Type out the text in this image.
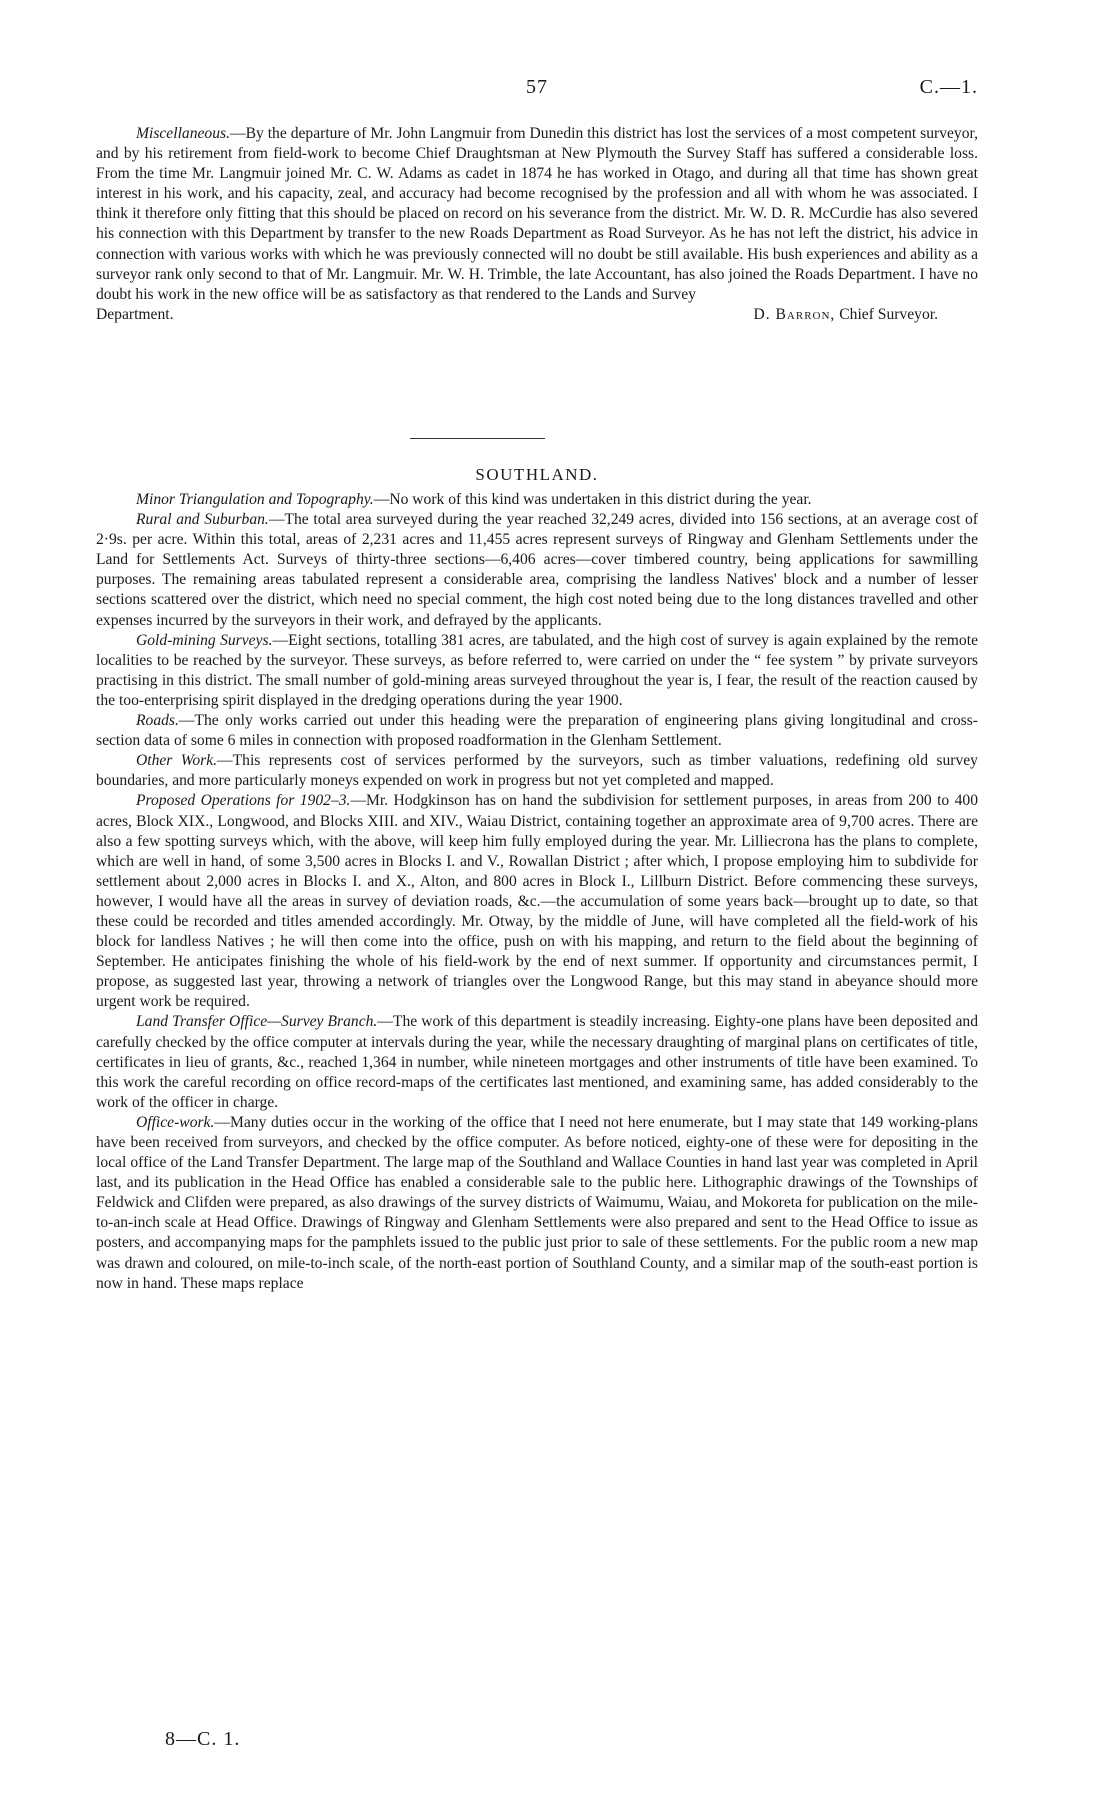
57	C.—1.

Miscellaneous.—By the departure of Mr. John Langmuir from Dunedin this district has lost the services of a most competent surveyor, and by his retirement from field-work to become Chief Draughtsman at New Plymouth the Survey Staff has suffered a considerable loss. From the time Mr. Langmuir joined Mr. C. W. Adams as cadet in 1874 he has worked in Otago, and during all that time has shown great interest in his work, and his capacity, zeal, and accuracy had become recognised by the profession and all with whom he was associated. I think it therefore only fitting that this should be placed on record on his severance from the district. Mr. W. D. R. McCurdie has also severed his connection with this Department by transfer to the new Roads Department as Road Surveyor. As he has not left the district, his advice in connection with various works with which he was previously connected will no doubt be still available. His bush experiences and ability as a surveyor rank only second to that of Mr. Langmuir. Mr. W. H. Trimble, the late Accountant, has also joined the Roads Department. I have no doubt his work in the new office will be as satisfactory as that rendered to the Lands and Survey

Department.	D. Barron, Chief Surveyor.
SOUTHLAND.

Minor Triangulation and Topography.—No work of this kind was undertaken in this district during the year.

Rural and Suburban.—The total area surveyed during the year reached 32,249 acres, divided into 156 sections, at an average cost of 2·9s. per acre. Within this total, areas of 2,231 acres and 11,455 acres represent surveys of Ringway and Glenham Settlements under the Land for Settlements Act. Surveys of thirty-three sections—6,406 acres—cover timbered country, being applications for sawmilling purposes. The remaining areas tabulated represent a considerable area, comprising the landless Natives' block and a number of lesser sections scattered over the district, which need no special comment, the high cost noted being due to the long distances travelled and other expenses incurred by the surveyors in their work, and defrayed by the applicants.

Gold-mining Surveys.—Eight sections, totalling 381 acres, are tabulated, and the high cost of survey is again explained by the remote localities to be reached by the surveyor. These surveys, as before referred to, were carried on under the “ fee system ” by private surveyors practising in this district. The small number of gold-mining areas surveyed throughout the year is, I fear, the result of the reaction caused by the too-enterprising spirit displayed in the dredging operations during the year 1900.

Roads.—The only works carried out under this heading were the preparation of engineering plans giving longitudinal and cross-section data of some 6 miles in connection with proposed roadformation in the Glenham Settlement.

Other Work.—This represents cost of services performed by the surveyors, such as timber valuations, redefining old survey boundaries, and more particularly moneys expended on work in progress but not yet completed and mapped.

Proposed Operations for 1902–3.—Mr. Hodgkinson has on hand the subdivision for settlement purposes, in areas from 200 to 400 acres, Block XIX., Longwood, and Blocks XIII. and XIV., Waiau District, containing together an approximate area of 9,700 acres. There are also a few spotting surveys which, with the above, will keep him fully employed during the year. Mr. Lilliecrona has the plans to complete, which are well in hand, of some 3,500 acres in Blocks I. and V., Rowallan District ; after which, I propose employing him to subdivide for settlement about 2,000 acres in Blocks I. and X., Alton, and 800 acres in Block I., Lillburn District. Before commencing these surveys, however, I would have all the areas in survey of deviation roads, &c.—the accumulation of some years back—brought up to date, so that these could be recorded and titles amended accordingly. Mr. Otway, by the middle of June, will have completed all the field-work of his block for landless Natives ; he will then come into the office, push on with his mapping, and return to the field about the beginning of September. He anticipates finishing the whole of his field-work by the end of next summer. If opportunity and circumstances permit, I propose, as suggested last year, throwing a network of triangles over the Longwood Range, but this may stand in abeyance should more urgent work be required.

Land Transfer Office—Survey Branch.—The work of this department is steadily increasing. Eighty-one plans have been deposited and carefully checked by the office computer at intervals during the year, while the necessary draughting of marginal plans on certificates of title, certificates in lieu of grants, &c., reached 1,364 in number, while nineteen mortgages and other instruments of title have been examined. To this work the careful recording on office record-maps of the certificates last mentioned, and examining same, has added considerably to the work of the officer in charge.

Office-work.—Many duties occur in the working of the office that I need not here enumerate, but I may state that 149 working-plans have been received from surveyors, and checked by the office computer. As before noticed, eighty-one of these were for depositing in the local office of the Land Transfer Department. The large map of the Southland and Wallace Counties in hand last year was completed in April last, and its publication in the Head Office has enabled a considerable sale to the public here. Lithographic drawings of the Townships of Feldwick and Clifden were prepared, as also drawings of the survey districts of Waimumu, Waiau, and Mokoreta for publication on the mile-to-an-inch scale at Head Office. Drawings of Ringway and Glenham Settlements were also prepared and sent to the Head Office to issue as posters, and accompanying maps for the pamphlets issued to the public just prior to sale of these settlements. For the public room a new map was drawn and coloured, on mile-to-inch scale, of the north-east portion of Southland County, and a similar map of the south-east portion is now in hand. These maps replace

8—C. 1.
